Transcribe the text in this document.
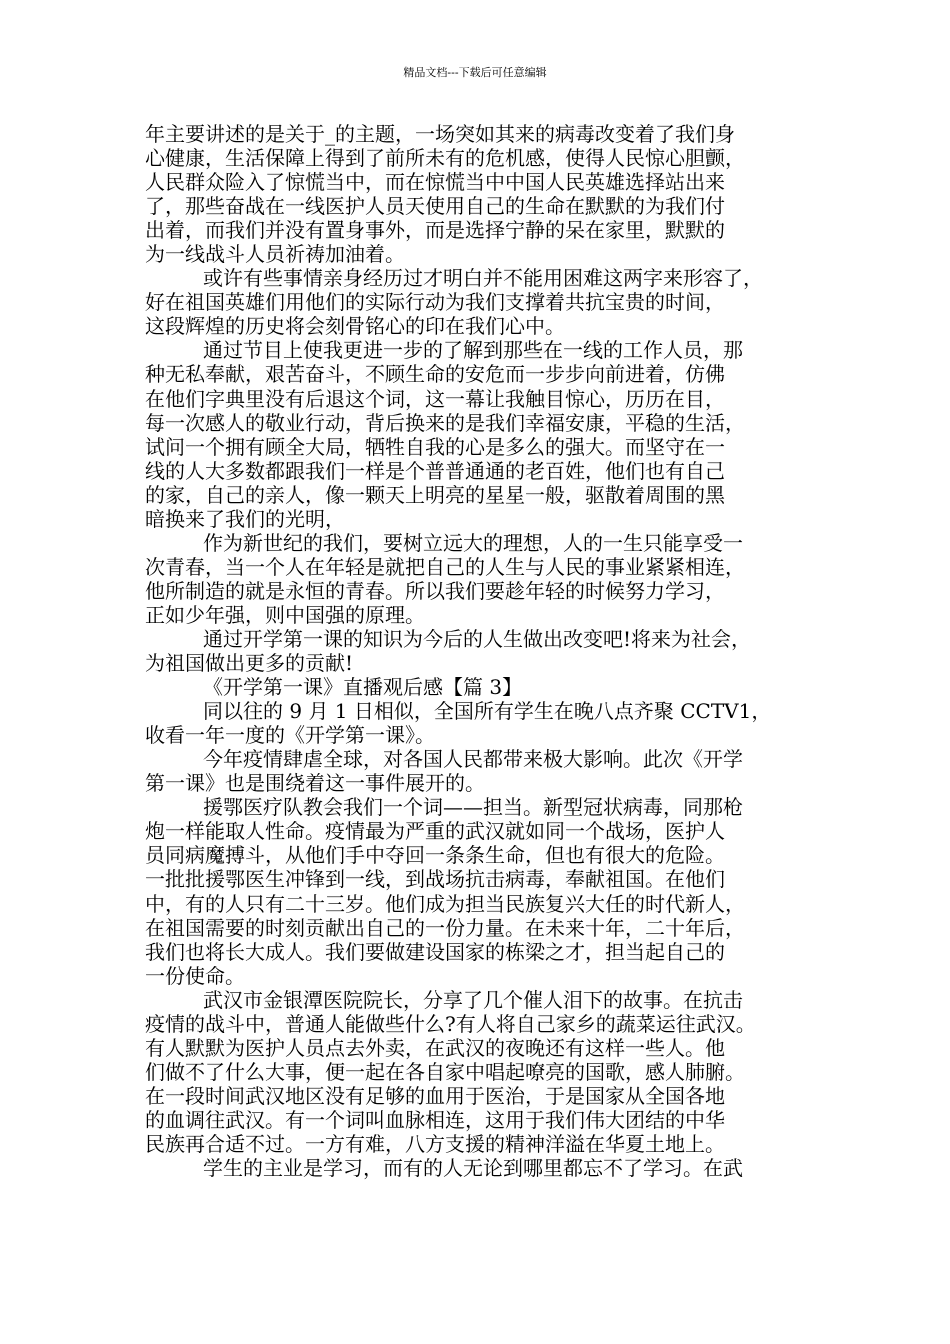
精品文档---下载后可任意编辑
年主要讲述的是关于_的主题，一场突如其来的病毒改变着了我们身
心健康，生活保障上得到了前所未有的危机感，使得人民惊心胆颤，
人民群众险入了惊慌当中，而在惊慌当中中国人民英雄选择站出来
了，那些奋战在一线医护人员天使用自己的生命在默默的为我们付
出着，而我们并没有置身事外，而是选择宁静的呆在家里，默默的
为一线战斗人员祈祷加油着。
或许有些事情亲身经历过才明白并不能用困难这两字来形容了，
好在祖国英雄们用他们的实际行动为我们支撑着共抗宝贵的时间，
这段辉煌的历史将会刻骨铭心的印在我们心中。
通过节目上使我更进一步的了解到那些在一线的工作人员，那
种无私奉献，艰苦奋斗，不顾生命的安危而一步步向前进着，仿佛
在他们字典里没有后退这个词，这一幕让我触目惊心，历历在目，
每一次感人的敬业行动，背后换来的是我们幸福安康，平稳的生活，
试问一个拥有顾全大局，牺牲自我的心是多么的强大。而坚守在一
线的人大多数都跟我们一样是个普普通通的老百姓，他们也有自己
的家，自己的亲人，像一颗天上明亮的星星一般，驱散着周围的黑
暗换来了我们的光明，
作为新世纪的我们，要树立远大的理想，人的一生只能享受一
次青春，当一个人在年轻是就把自己的人生与人民的事业紧紧相连，
他所制造的就是永恒的青春。所以我们要趁年轻的时候努力学习，
正如少年强，则中国强的原理。
通过开学第一课的知识为今后的人生做出改变吧!将来为社会，
为祖国做出更多的贡献!
《开学第一课》直播观后感【篇 3】
同以往的 9 月 1 日相似，全国所有学生在晚八点齐聚 CCTV1，
收看一年一度的《开学第一课》。
今年疫情肆虐全球，对各国人民都带来极大影响。此次《开学
第一课》也是围绕着这一事件展开的。
援鄂医疗队教会我们一个词——担当。新型冠状病毒，同那枪
炮一样能取人性命。疫情最为严重的武汉就如同一个战场，医护人
员同病魔搏斗，从他们手中夺回一条条生命，但也有很大的危险。
一批批援鄂医生冲锋到一线，到战场抗击病毒，奉献祖国。在他们
中，有的人只有二十三岁。他们成为担当民族复兴大任的时代新人，
在祖国需要的时刻贡献出自己的一份力量。在未来十年，二十年后，
我们也将长大成人。我们要做建设国家的栋梁之才，担当起自己的
一份使命。
武汉市金银潭医院院长，分享了几个催人泪下的故事。在抗击
疫情的战斗中，普通人能做些什么?有人将自己家乡的蔬菜运往武汉。
有人默默为医护人员点去外卖，在武汉的夜晚还有这样一些人。他
们做不了什么大事，便一起在各自家中唱起嘹亮的国歌，感人肺腑。
在一段时间武汉地区没有足够的血用于医治，于是国家从全国各地
的血调往武汉。有一个词叫血脉相连，这用于我们伟大团结的中华
民族再合适不过。一方有难，八方支援的精神洋溢在华夏土地上。
学生的主业是学习，而有的人无论到哪里都忘不了学习。在武
